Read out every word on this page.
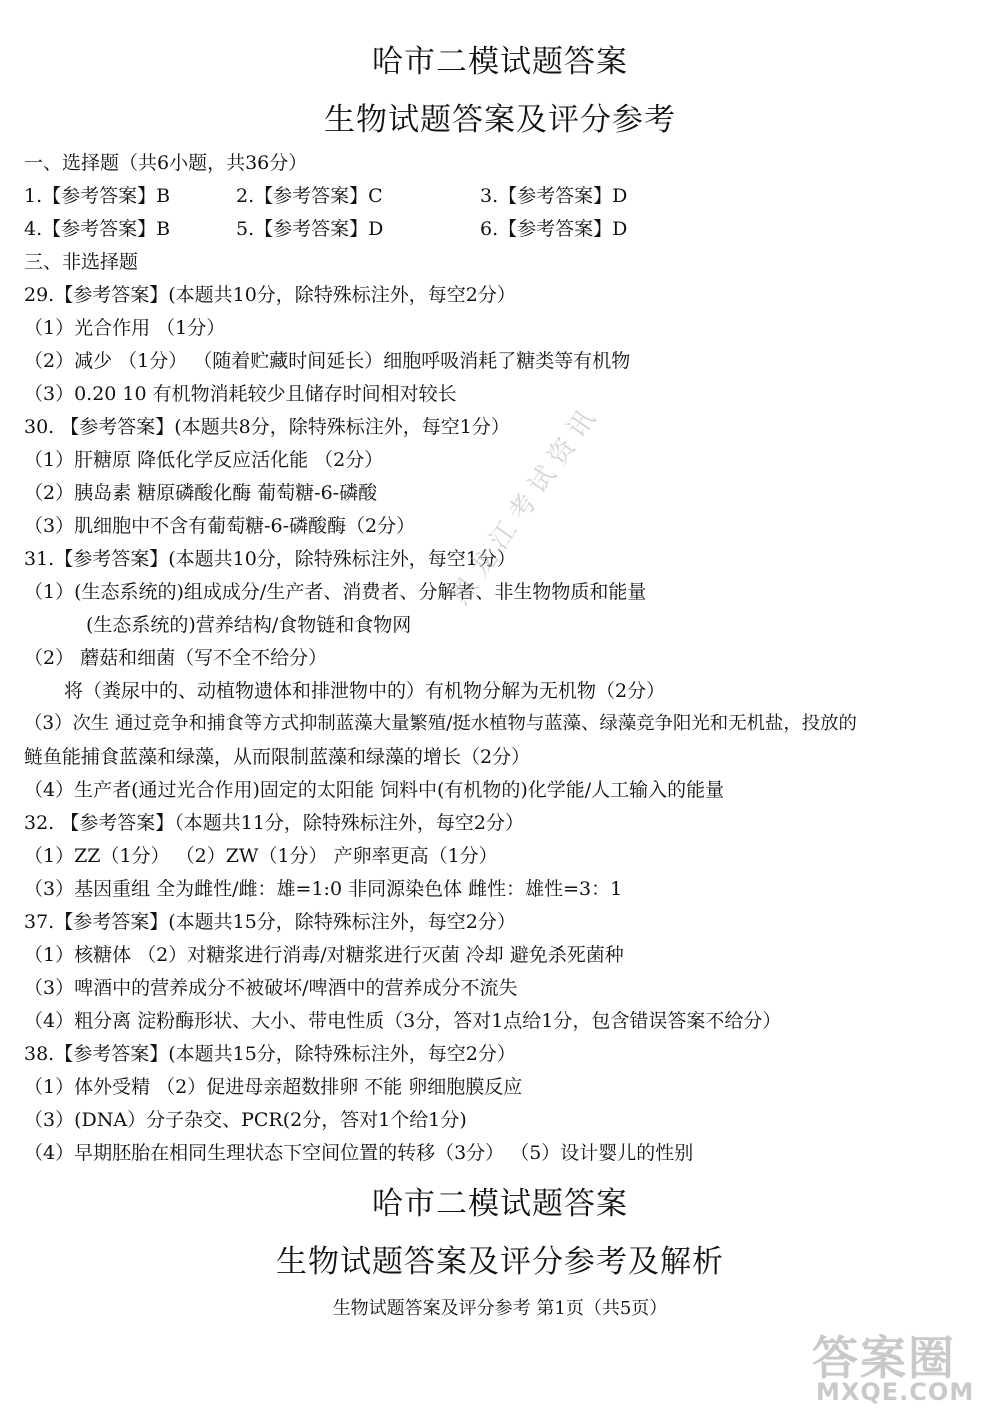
哈市二模试题答案
生物试题答案及评分参考
一、选择题（共6小题，共36分）
1.【参考答案】B	2.【参考答案】C	3.【参考答案】D
4.【参考答案】B	5.【参考答案】D	6.【参考答案】D
三、非选择题
29.【参考答案】(本题共10分，除特殊标注外，每空2分）
（1）光合作用 （1分）
（2）减少 （1分） （随着贮藏时间延长）细胞呼吸消耗了糖类等有机物
（3）0.20 10 有机物消耗较少且储存时间相对较长
30. 【参考答案】(本题共8分，除特殊标注外，每空1分）
（1）肝糖原 降低化学反应活化能 （2分）
（2）胰岛素 糖原磷酸化酶 葡萄糖-6-磷酸
（3）肌细胞中不含有葡萄糖-6-磷酸酶（2分）
31.【参考答案】(本题共10分，除特殊标注外，每空1分）
（1）(生态系统的)组成成分/生产者、消费者、分解者、非生物物质和能量
(生态系统的)营养结构/食物链和食物网
（2） 蘑菇和细菌（写不全不给分）
将（粪尿中的、动植物遗体和排泄物中的）有机物分解为无机物（2分）
（3）次生 通过竞争和捕食等方式抑制蓝藻大量繁殖/挺水植物与蓝藻、绿藻竞争阳光和无机盐，投放的
鲢鱼能捕食蓝藻和绿藻，从而限制蓝藻和绿藻的增长（2分）
（4）生产者(通过光合作用)固定的太阳能 饲料中(有机物的)化学能/人工输入的能量
32. 【参考答案】（本题共11分，除特殊标注外，每空2分）
（1）ZZ（1分） （2）ZW（1分） 产卵率更高（1分）
（3）基因重组 全为雌性/雌：雄=1:0 非同源染色体 雌性：雄性=3：1
37.【参考答案】(本题共15分，除特殊标注外，每空2分）
（1）核糖体 （2）对糖浆进行消毒/对糖浆进行灭菌 冷却 避免杀死菌种
（3）啤酒中的营养成分不被破坏/啤酒中的营养成分不流失
（4）粗分离 淀粉酶形状、大小、带电性质（3分，答对1点给1分，包含错误答案不给分）
38.【参考答案】(本题共15分，除特殊标注外，每空2分）
（1）体外受精 （2）促进母亲超数排卵 不能 卵细胞膜反应
（3）(DNA）分子杂交、PCR(2分，答对1个给1分)
（4）早期胚胎在相同生理状态下空间位置的转移（3分） （5）设计婴儿的性别
哈市二模试题答案
生物试题答案及评分参考及解析
生物试题答案及评分参考 第1页（共5页）
黑龙江考试资讯
答案圈
MXQE.COM
